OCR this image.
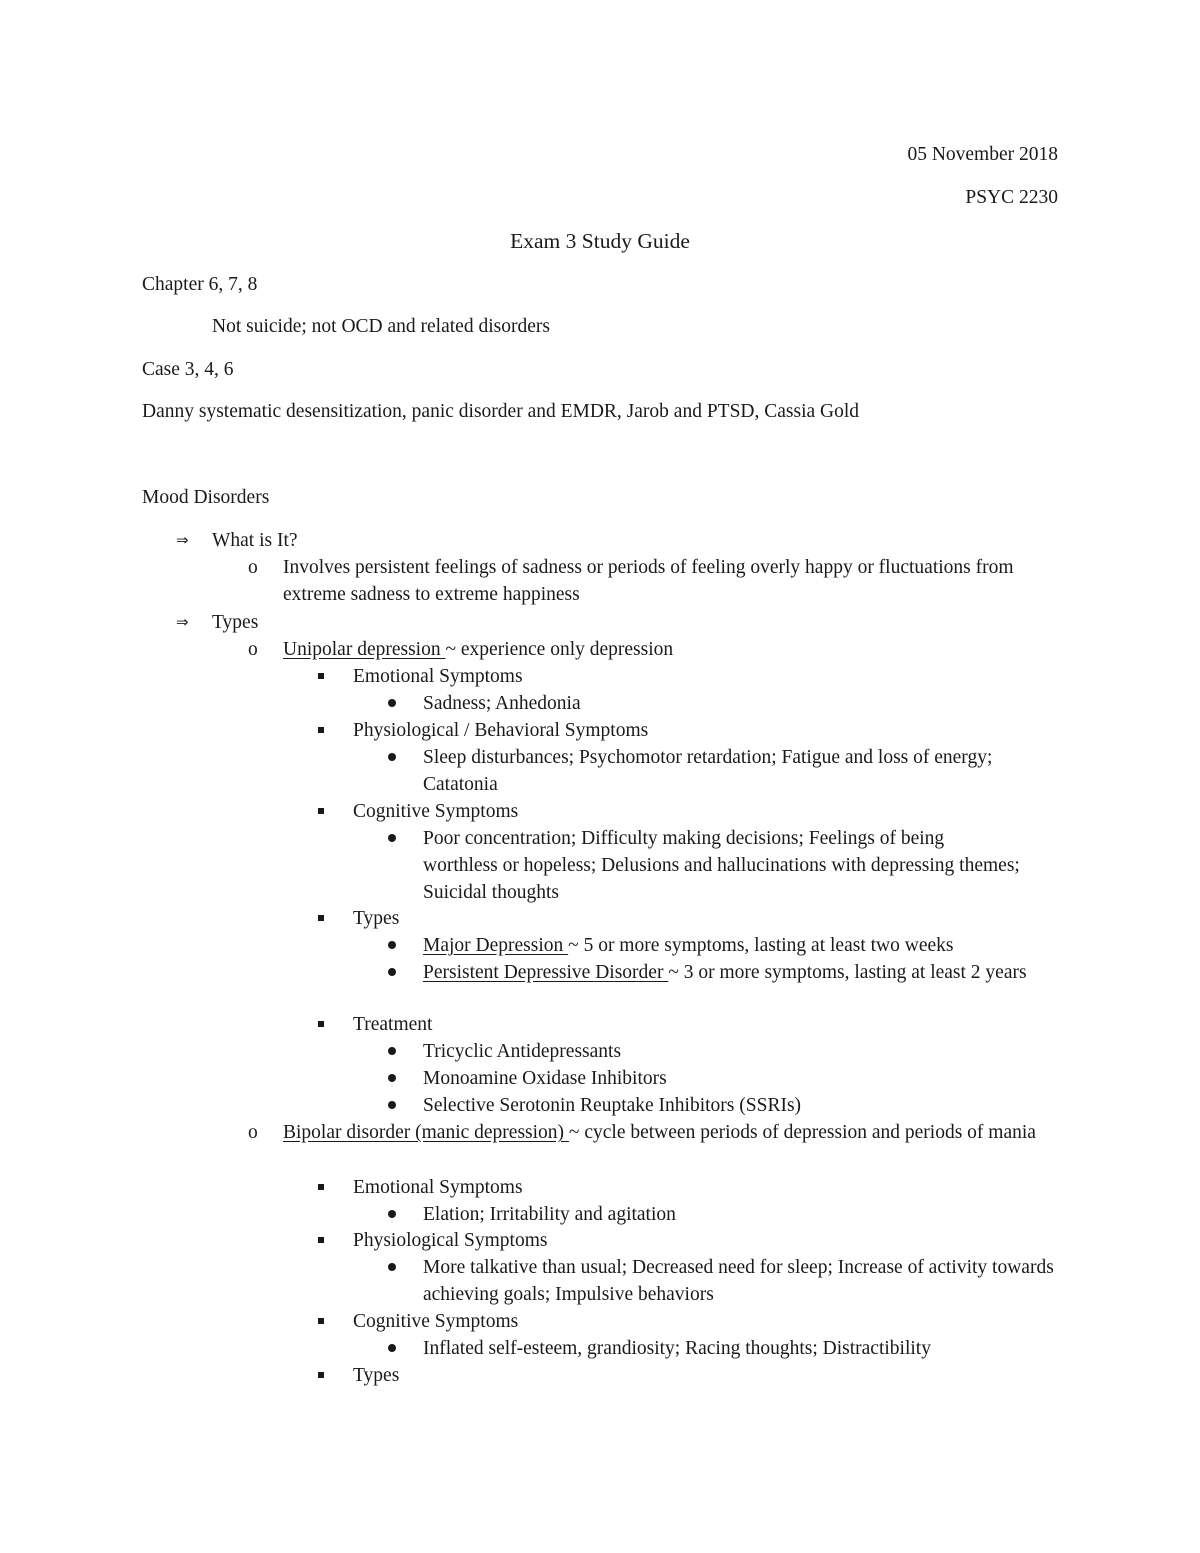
05 November 2018
PSYC 2230
Exam 3 Study Guide
Chapter 6, 7, 8
Not suicide; not OCD and related disorders
Case 3, 4, 6
Danny systematic desensitization, panic disorder and EMDR, Jarob and PTSD, Cassia Gold
Mood Disorders
⇒ What is It?
o Involves persistent feelings of sadness or periods of feeling overly happy or fluctuations from extreme sadness to extreme happiness
⇒ Types
o Unipolar depression ~ experience only depression
Emotional Symptoms
Sadness; Anhedonia
Physiological / Behavioral Symptoms
Sleep disturbances; Psychomotor retardation; Fatigue and loss of energy; Catatonia
Cognitive Symptoms
Poor concentration; Difficulty making decisions; Feelings of being worthless or hopeless; Delusions and hallucinations with depressing themes; Suicidal thoughts
Types
Major Depression ~ 5 or more symptoms, lasting at least two weeks
Persistent Depressive Disorder ~ 3 or more symptoms, lasting at least 2 years
Treatment
Tricyclic Antidepressants
Monoamine Oxidase Inhibitors
Selective Serotonin Reuptake Inhibitors (SSRIs)
o Bipolar disorder (manic depression) ~ cycle between periods of depression and periods of mania
Emotional Symptoms
Elation; Irritability and agitation
Physiological Symptoms
More talkative than usual; Decreased need for sleep; Increase of activity towards achieving goals; Impulsive behaviors
Cognitive Symptoms
Inflated self-esteem, grandiosity; Racing thoughts; Distractibility
Types
